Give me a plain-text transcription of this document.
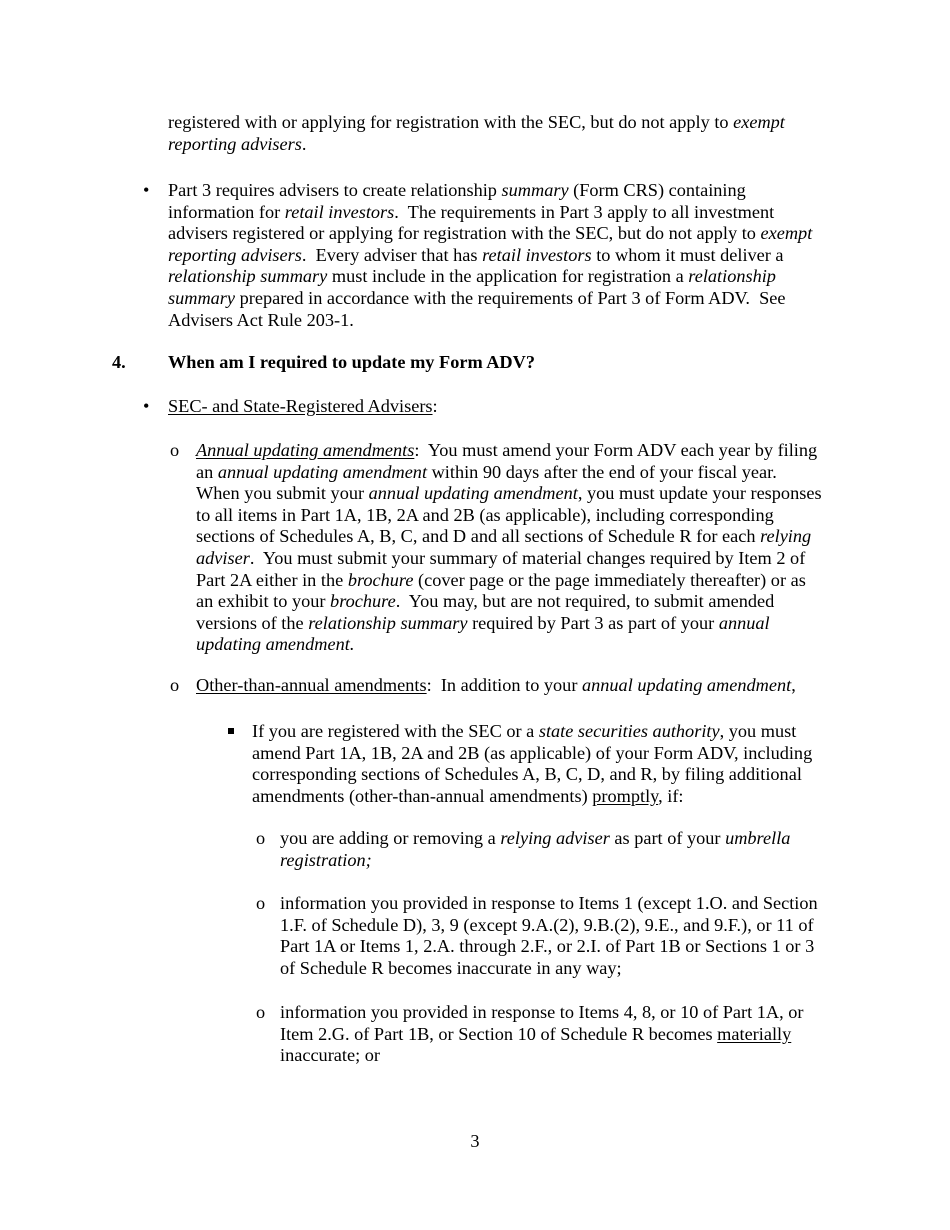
3
registered with or applying for registration with the SEC, but do not apply to exempt
reporting advisers.
• Part 3 requires advisers to create relationship summary (Form CRS) containing
information for retail investors.  The requirements in Part 3 apply to all investment
advisers registered or applying for registration with the SEC, but do not apply to exempt
reporting advisers.  Every adviser that has retail investors to whom it must deliver a
relationship summary must include in the application for registration a relationship
summary prepared in accordance with the requirements of Part 3 of Form ADV.  See
Advisers Act Rule 203-1.
4. When am I required to update my Form ADV?
• SEC- and State-Registered Advisers:
o Annual updating amendments:  You must amend your Form ADV each year by filing
an annual updating amendment within 90 days after the end of your fiscal year.
When you submit your annual updating amendment, you must update your responses
to all items in Part 1A, 1B, 2A and 2B (as applicable), including corresponding
sections of Schedules A, B, C, and D and all sections of Schedule R for each relying
adviser.  You must submit your summary of material changes required by Item 2 of
Part 2A either in the brochure (cover page or the page immediately thereafter) or as
an exhibit to your brochure.  You may, but are not required, to submit amended
versions of the relationship summary required by Part 3 as part of your annual
updating amendment.
o Other-than-annual amendments:  In addition to your annual updating amendment,
If you are registered with the SEC or a state securities authority, you must
amend Part 1A, 1B, 2A and 2B (as applicable) of your Form ADV, including
corresponding sections of Schedules A, B, C, D, and R, by filing additional
amendments (other-than-annual amendments) promptly, if:
o you are adding or removing a relying adviser as part of your umbrella
registration;
o information you provided in response to Items 1 (except 1.O. and Section
1.F. of Schedule D), 3, 9 (except 9.A.(2), 9.B.(2), 9.E., and 9.F.), or 11 of
Part 1A or Items 1, 2.A. through 2.F., or 2.I. of Part 1B or Sections 1 or 3
of Schedule R becomes inaccurate in any way;
o information you provided in response to Items 4, 8, or 10 of Part 1A, or
Item 2.G. of Part 1B, or Section 10 of Schedule R becomes materially
inaccurate; or
